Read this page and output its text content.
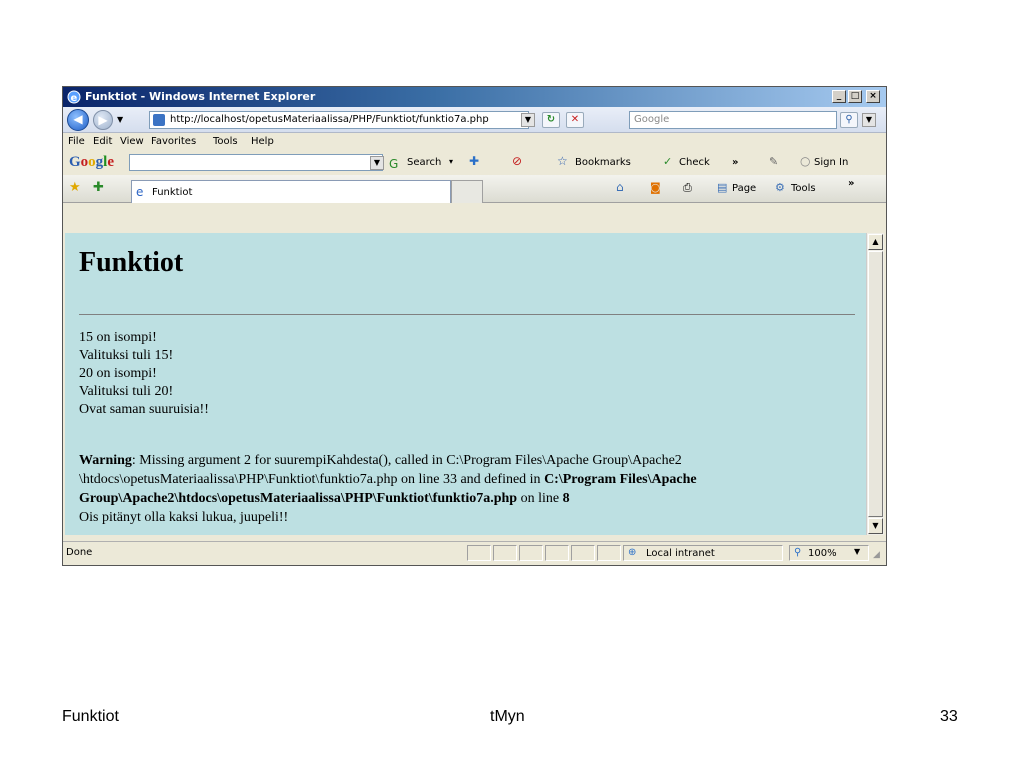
e Funktiot - Windows Internet Explorer	_	□	×
◀	▶	▼	http://localhost/opetusMateriaalissa/PHP/Funktiot/funktio7a.php	▼	↻	✕	Google	⚲	▼
File Edit View Favorites Tools Help
Google	▼ G Search ▾ ✚	⊘	☆ Bookmarks	✓ Check »	✎ ○ Sign In
★ ✚	e Funktiot	⌂ ◙ ⎙ ▤ Page ⚙ Tools	»
Funktiot
15 on isompi!
Valituksi tuli 15!
20 on isompi!
Valituksi tuli 20!
Ovat saman suuruisia!!
Warning: Missing argument 2 for suurempiKahdesta(), called in C:\Program Files\Apache Group\Apache2 \htdocs\opetusMateriaalissa\PHP\Funktiot\funktio7a.php on line 33 and defined in C:\Program Files\Apache Group\Apache2\htdocs\opetusMateriaalissa\PHP\Funktiot\funktio7a.php on line 8
Ois pitänyt olla kaksi lukua, juupeli!!
▲
▼
Done	⊕ Local intranet	⚲ 100% ▼ ◢
Funktiot	tMyn	33
